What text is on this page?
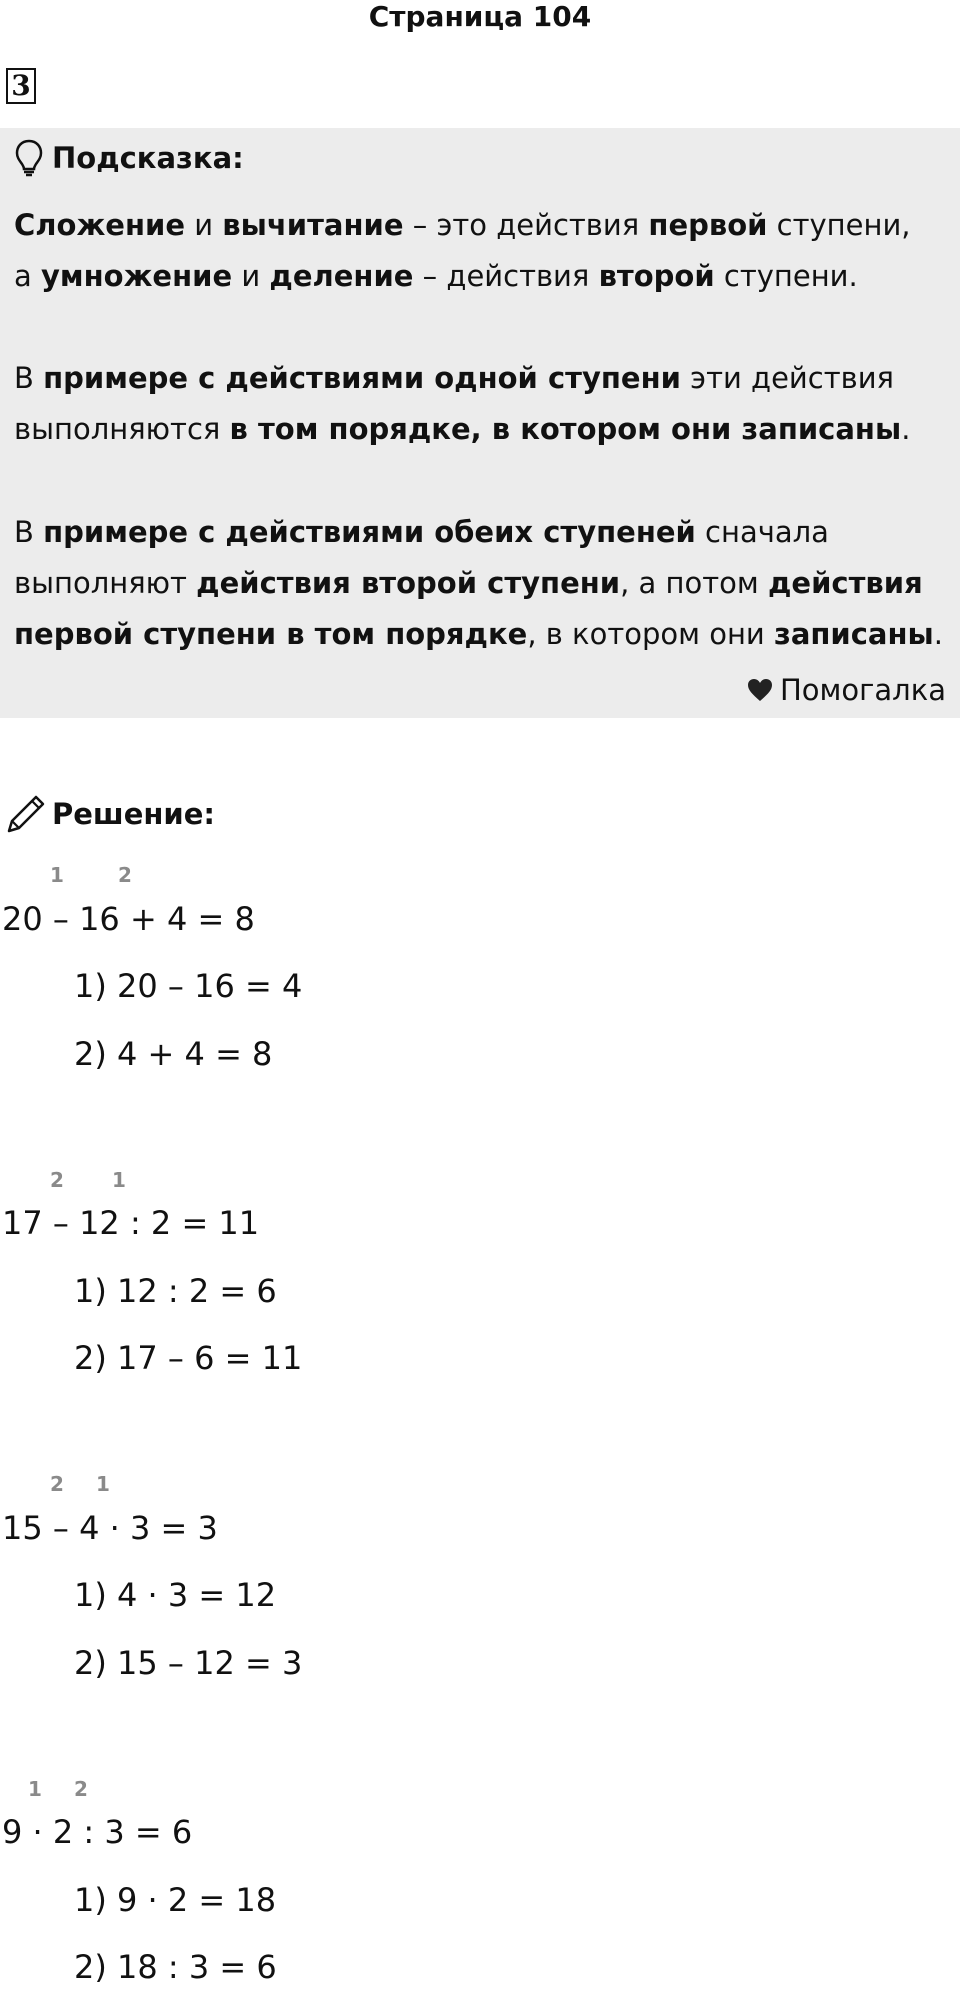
Страница 104
3
Подсказка:
Сложение и вычитание – это действия первой ступени,
а умножение и деление – действия второй ступени.
В примере с действиями одной ступени эти действия
выполняются в том порядке, в котором они записаны.
В примере с действиями обеих ступеней сначала
выполняют действия второй ступени, а потом действия
первой ступени в том порядке, в котором они записаны.
Помогалка
Решение:
1	2
20 – 16 + 4 = 8
1) 20 – 16 = 4
2) 4 + 4 = 8
2 1
17 – 12 : 2 = 11
1) 12 : 2 = 6
2) 17 – 6 = 11
2 1
15 – 4 · 3 = 3
1) 4 · 3 = 12
2) 15 – 12 = 3
1 2
9 · 2 : 3 = 6
1) 9 · 2 = 18
2) 18 : 3 = 6
